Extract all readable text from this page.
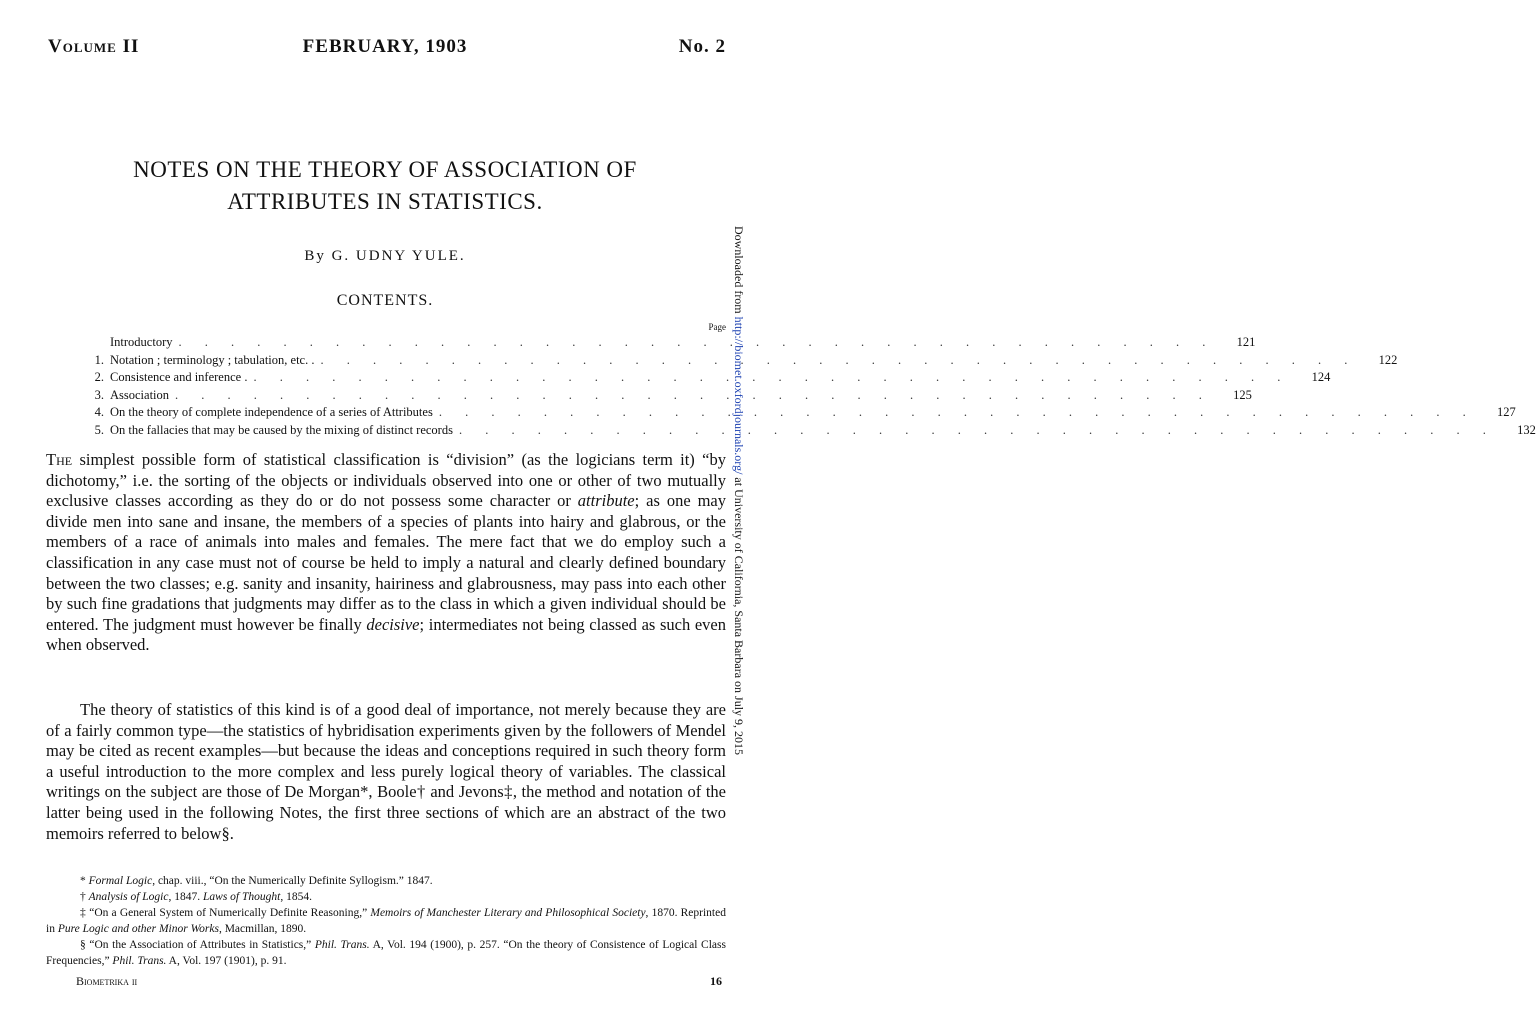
Volume II	FEBRUARY, 1903	No. 2
NOTES ON THE THEORY OF ASSOCIATION OF
ATTRIBUTES IN STATISTICS.
By G. UDNY YULE.
CONTENTS.
Page
Introductory . . . . . . . . . . . . . . . . . . . . . . . . . . . . . . . . . . . . . . . .	121
1. Notation ; terminology ; tabulation, etc. . . . . . . . . . . . . . . . . . . . . . . . . . . . . . . . . . . . . . . . . .	122
2. Consistence and inference . . . . . . . . . . . . . . . . . . . . . . . . . . . . . . . . . . . . . . . . .	124
3. Association . . . . . . . . . . . . . . . . . . . . . . . . . . . . . . . . . . . . . . . .	125
4. On the theory of complete independence of a series of Attributes . . . . . . . . . . . . . . . . . . . . . . . . . . . . . . . . . . . . . . . .	127
5. On the fallacies that may be caused by the mixing of distinct records . . . . . . . . . . . . . . . . . . . . . . . . . . . . . . . . . . . . . . . .	132

The simplest possible form of statistical classification is “division” (as the logicians term it) “by dichotomy,” i.e. the sorting of the objects or individuals observed into one or other of two mutually exclusive classes according as they do or do not possess some character or attribute; as one may divide men into sane and insane, the members of a species of plants into hairy and glabrous, or the members of a race of animals into males and females. The mere fact that we do employ such a classification in any case must not of course be held to imply a natural and clearly defined boundary between the two classes; e.g. sanity and insanity, hairiness and glabrousness, may pass into each other by such fine gradations that judgments may differ as to the class in which a given individual should be entered. The judgment must however be finally decisive; intermediates not being classed as such even when observed.

The theory of statistics of this kind is of a good deal of importance, not merely because they are of a fairly common type—the statistics of hybridisation experiments given by the followers of Mendel may be cited as recent examples—but because the ideas and conceptions required in such theory form a useful introduction to the more complex and less purely logical theory of variables. The classical writings on the subject are those of De Morgan*, Boole† and Jevons‡, the method and notation of the latter being used in the following Notes, the first three sections of which are an abstract of the two memoirs referred to below§.

* Formal Logic, chap. viii., “On the Numerically Definite Syllogism.” 1847.

† Analysis of Logic, 1847. Laws of Thought, 1854.

‡ “On a General System of Numerically Definite Reasoning,” Memoirs of Manchester Literary and Philosophical Society, 1870. Reprinted in Pure Logic and other Minor Works, Macmillan, 1890.

§ “On the Association of Attributes in Statistics,” Phil. Trans. A, Vol. 194 (1900), p. 257. “On the theory of Consistence of Logical Class Frequencies,” Phil. Trans. A, Vol. 197 (1901), p. 91.

Biometrika ii	16
Downloaded from http://biomet.oxfordjournals.org/ at University of California, Santa Barbara on July 9, 2015
